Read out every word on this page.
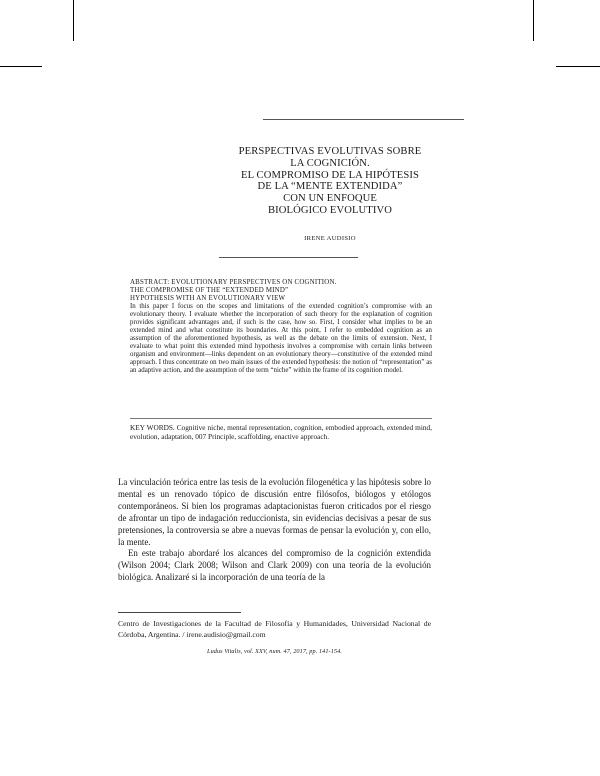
PERSPECTIVAS EVOLUTIVAS SOBRE
LA COGNICIÓN.
EL COMPROMISO DE LA HIPÓTESIS
DE LA “MENTE EXTENDIDA”
CON UN ENFOQUE
BIOLÓGICO EVOLUTIVO
IRENE AUDISIO
ABSTRACT: EVOLUTIONARY PERSPECTIVES ON COGNITION.
THE COMPROMISE OF THE “EXTENDED MIND”
HYPOTHESIS WITH AN EVOLUTIONARY VIEW
In this paper I focus on the scopes and limitations of the extended cognition’s compromise with an evolutionary theory. I evaluate whether the incorporation of such theory for the explanation of cognition provides significant advantages and, if such is the case, how so. First, I consider what implies to be an extended mind and what constitute its boundaries. At this point, I refer to embedded cognition as an assumption of the aforementioned hypothesis, as well as the debate on the limits of extension. Next, I evaluate to what point this extended mind hypothesis involves a compromise with certain links between organism and environment—links dependent on an evolutionary theory—constitutive of the extended mind approach. I thus concentrate on two main issues of the extended hypothesis: the notion of “representation” as an adaptive action, and the assumption of the term “niche” within the frame of its cognition model.
KEY WORDS. Cognitive niche, mental representation, cognition, embodied approach, extended mind, evolution, adaptation, 007 Principle, scaffolding, enactive approach.

La vinculación teórica entre las tesis de la evolución filogenética y las hipótesis sobre lo mental es un renovado tópico de discusión entre filósofos, biólogos y etólogos contemporáneos. Si bien los programas adaptacionistas fueron criticados por el riesgo de afrontar un tipo de indagación reduccionista, sin evidencias decisivas a pesar de sus pretensiones, la controversia se abre a nuevas formas de pensar la evolución y, con ello, la mente.

En este trabajo abordaré los alcances del compromiso de la cognición extendida (Wilson 2004; Clark 2008; Wilson and Clark 2009) con una teoría de la evolución biológica. Analizaré si la incorporación de una teoría de la

Centro de Investigaciones de la Facultad de Filosofía y Humanidades, Universidad Nacional de Córdoba, Argentina. / irene.audisio@gmail.com
Ludus Vitalis, vol. XXV, num. 47, 2017, pp. 141-154.
